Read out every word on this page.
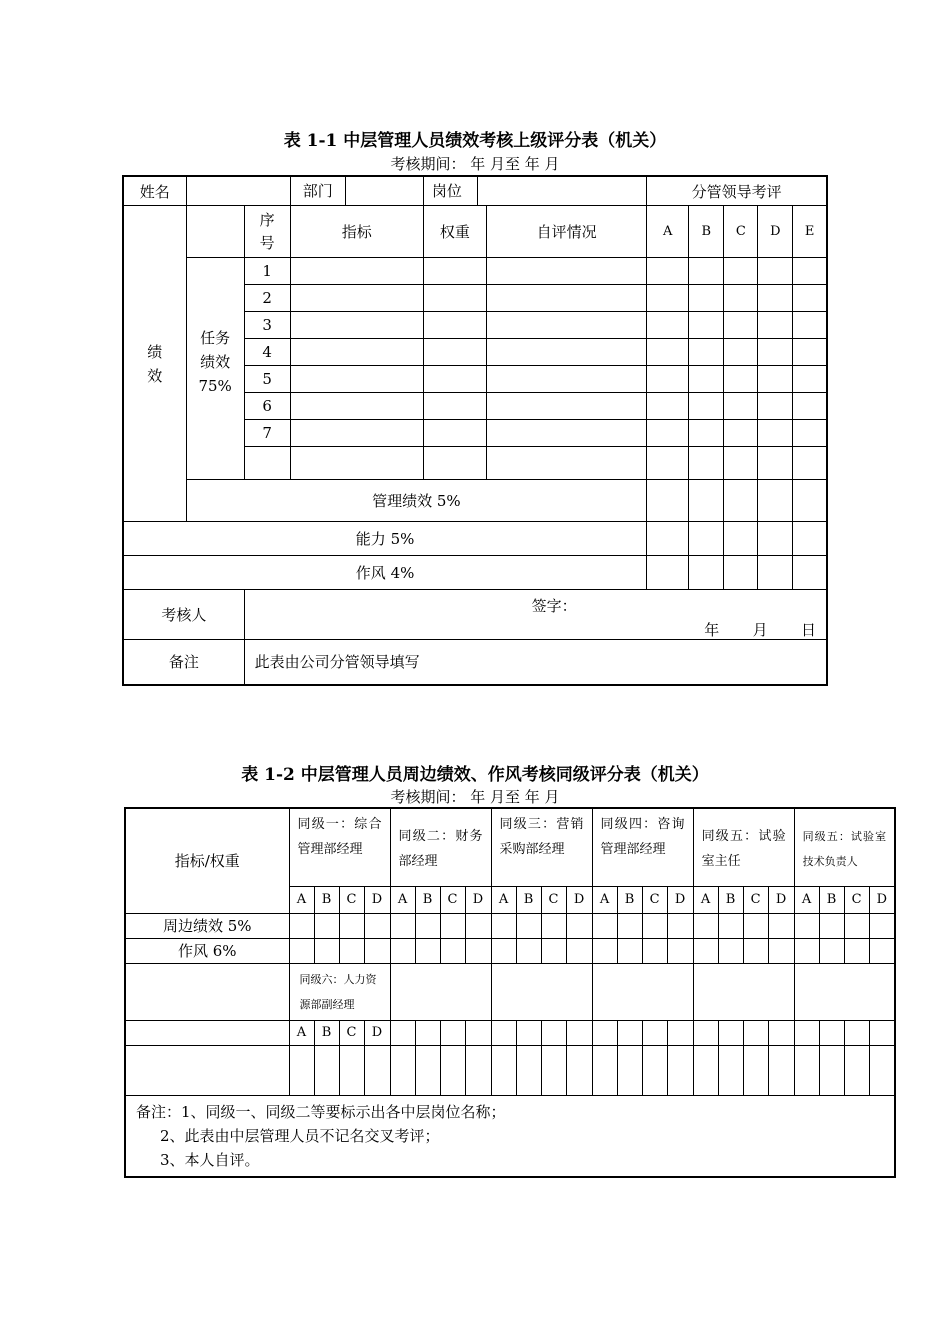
表 1-1 中层管理人员绩效考核上级评分表（机关）
考核期间： 年 月至 年 月
姓名			部门	岗位		分管领导考评				

绩效		序号	指标	权重	自评情况	A	B	C	D	E

	任务绩效75%	1								
		2								
		3								
		4								
		5								
		6								
		7								

	管理绩效 5%									
能力 5%										
作风 4%										
考核人		签字：
年       月       日								

备注		此表由公司分管领导填写								
表 1-2 中层管理人员周边绩效、作风考核同级评分表（机关）
考核期间： 年 月至 年 月
指标/权重	同级一：综合管理部经理				同级二：财务部经理				同级三：营销采购部经理				同级四：咨询管理部经理				同级五：试验室主任				同级五：试验室技术负责人			
	A	B	C	D	A	B	C	D	A	B	C	D	A	B	C	D	A	B	C	D	A	B	C	D
周边绩效 5%																								
作风 6%																								
	同级六：人力资源部副经理																							
	A	B	C	D																				

备注：1、同级一、同级二等要标示出各中层岗位名称；
2、此表由中层管理人员不记名交叉考评；
3、本人自评。																								
